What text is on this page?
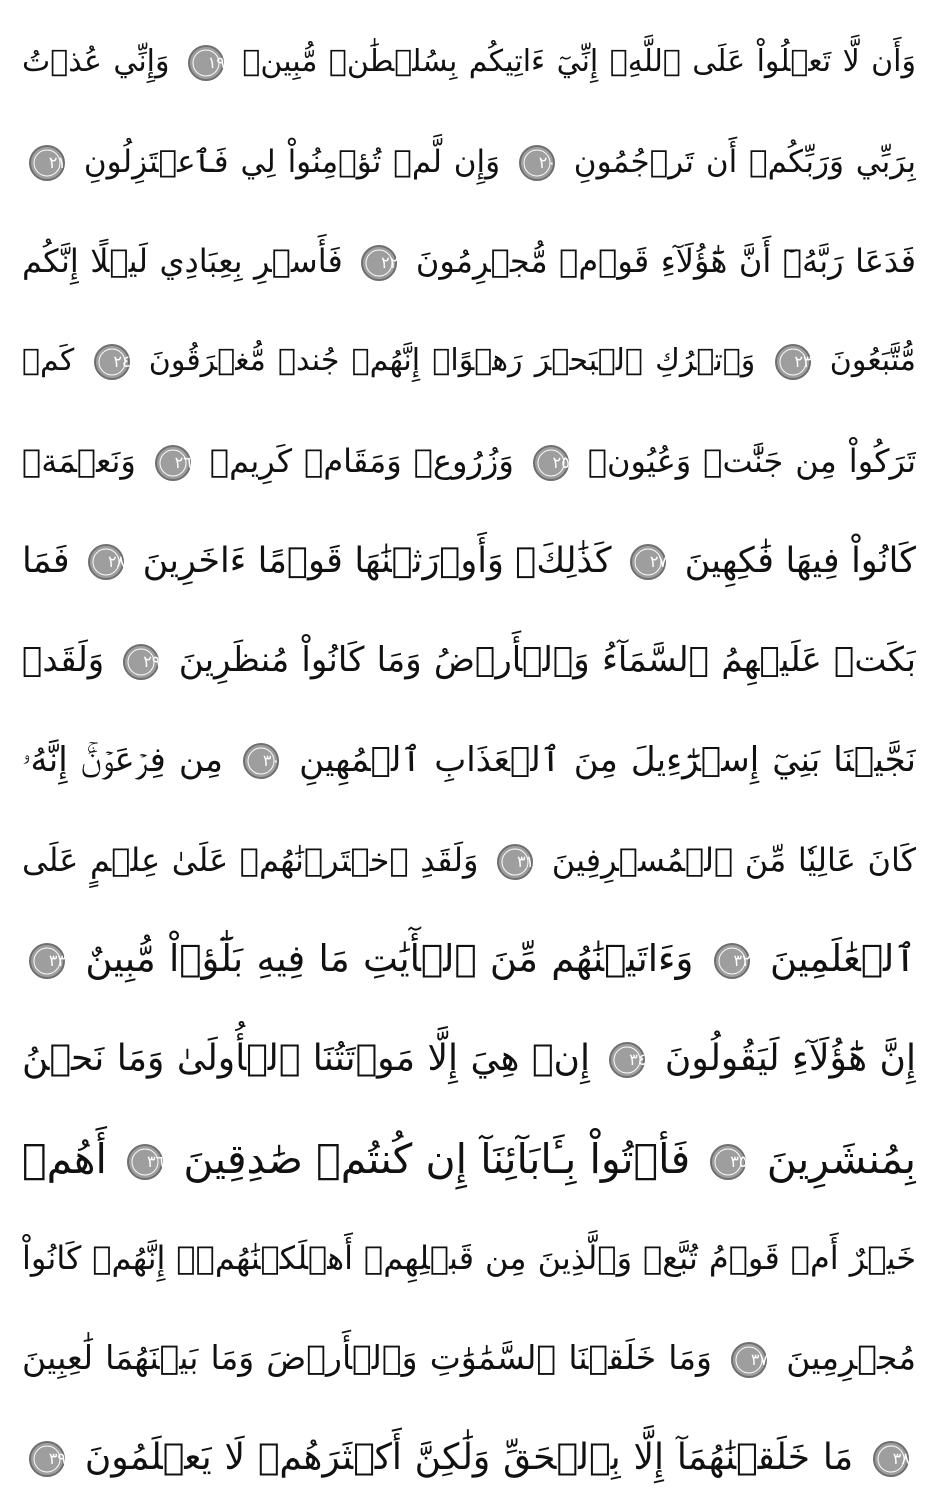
وَأَن لَّا تَعۡلُواْ عَلَى ٱللَّهِۖ إِنِّيٓ ءَاتِيكُم بِسُلۡطَٰنٖ مُّبِينٖ
١٩
وَإِنِّي عُذۡتُ
بِرَبِّي وَرَبِّكُمۡ أَن تَرۡجُمُونِ
٢٠
وَإِن لَّمۡ تُؤۡمِنُواْ لِي فَٱعۡتَزِلُونِ
٢١
فَدَعَا رَبَّهُۥٓ أَنَّ هَٰٓؤُلَآءِ قَوۡمٞ مُّجۡرِمُونَ
٢٢
فَأَسۡرِ بِعِبَادِي لَيۡلًا إِنَّكُم
مُّتَّبَعُونَ
٢٣
وَٱتۡرُكِ ٱلۡبَحۡرَ رَهۡوًاۖ إِنَّهُمۡ جُندٞ مُّغۡرَقُونَ
٢٤
كَمۡ
تَرَكُواْ مِن جَنَّٰتٖ وَعُيُونٖ
٢٥
وَزُرُوعٖ وَمَقَامٖ كَرِيمٖ
٢٦
وَنَعۡمَةٖ
كَانُواْ فِيهَا فَٰكِهِينَ
٢٧
كَذَٰلِكَۖ وَأَوۡرَثۡنَٰهَا قَوۡمًا ءَاخَرِينَ
٢٨
فَمَا
بَكَتۡ عَلَيۡهِمُ ٱلسَّمَآءُ وَٱلۡأَرۡضُ وَمَا كَانُواْ مُنظَرِينَ
٢٩
وَلَقَدۡ
نَجَّيۡنَا بَنِيٓ إِسۡرَٰٓءِيلَ مِنَ ٱلۡعَذَابِ ٱلۡمُهِينِ
٣٠
مِن فِرۡعَوۡنَۚ إِنَّهُۥ
كَانَ عَالِيٗا مِّنَ ٱلۡمُسۡرِفِينَ
٣١
وَلَقَدِ ٱخۡتَرۡنَٰهُمۡ عَلَىٰ عِلۡمٍ عَلَى
ٱلۡعَٰلَمِينَ
٣٢
وَءَاتَيۡنَٰهُم مِّنَ ٱلۡأٓيَٰتِ مَا فِيهِ بَلَٰٓؤٞاْ مُّبِينٌ
٣٣
إِنَّ هَٰٓؤُلَآءِ لَيَقُولُونَ
٣٤
إِنۡ هِيَ إِلَّا مَوۡتَتُنَا ٱلۡأُولَىٰ وَمَا نَحۡنُ
بِمُنشَرِينَ
٣٥
فَأۡتُواْ بِـَٔابَآئِنَآ إِن كُنتُمۡ صَٰدِقِينَ
٣٦
أَهُمۡ
خَيۡرٌ أَمۡ قَوۡمُ تُبَّعٖ وَٱلَّذِينَ مِن قَبۡلِهِمۡ أَهۡلَكۡنَٰهُمۡۚ إِنَّهُمۡ كَانُواْ
مُجۡرِمِينَ
٣٧
وَمَا خَلَقۡنَا ٱلسَّمَٰوَٰتِ وَٱلۡأَرۡضَ وَمَا بَيۡنَهُمَا لَٰعِبِينَ
٣٨
مَا خَلَقۡنَٰهُمَآ إِلَّا بِٱلۡحَقِّ وَلَٰكِنَّ أَكۡثَرَهُمۡ لَا يَعۡلَمُونَ
٣٩
